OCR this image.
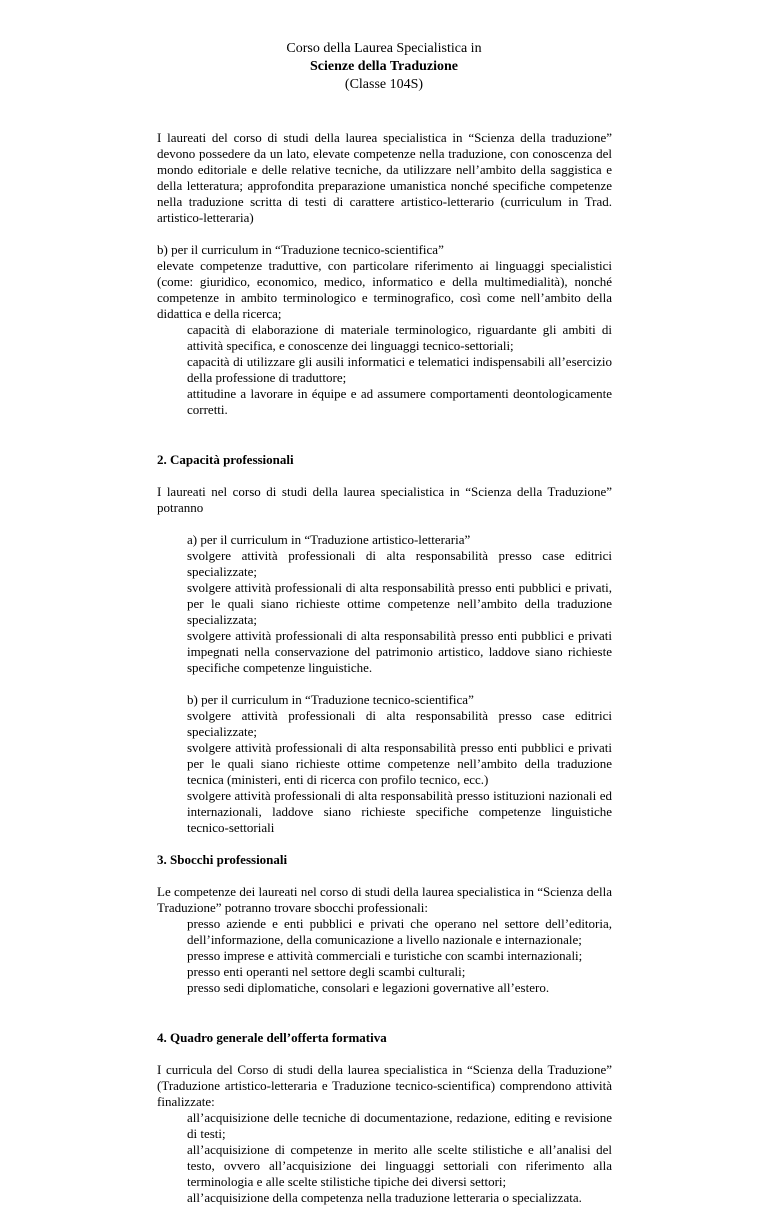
Corso della Laurea Specialistica in
Scienze della Traduzione
(Classe 104S)

I laureati del corso di studi della laurea specialistica in “Scienza della traduzione” devono possedere da un lato, elevate competenze nella traduzione, con conoscenza del mondo editoriale e delle relative tecniche, da utilizzare nell’ambito della saggistica e della letteratura; approfondita preparazione umanistica nonché specifiche competenze nella traduzione scritta di testi di carattere artistico-letterario (curriculum in Trad. artistico-letteraria)

b) per il curriculum in “Traduzione tecnico-scientifica”

elevate competenze traduttive, con particolare riferimento ai linguaggi specialistici (come: giuridico, economico, medico, informatico e della multimedialità), nonché competenze in ambito terminologico e terminografico, così come nell’ambito della didattica e della ricerca;

capacità di elaborazione di materiale terminologico, riguardante gli ambiti di attività specifica, e conoscenze dei linguaggi tecnico-settoriali;

capacità di utilizzare gli ausili informatici e telematici indispensabili all’esercizio della professione di traduttore;

attitudine a lavorare in équipe e ad assumere comportamenti deontologicamente corretti.

2. Capacità professionali

I laureati nel corso di studi della laurea specialistica in “Scienza della Traduzione” potranno

a) per il curriculum in “Traduzione artistico-letteraria”

svolgere attività professionali di alta responsabilità presso case editrici specializzate;

svolgere attività professionali di alta responsabilità presso enti pubblici e privati, per le quali siano richieste ottime competenze nell’ambito della traduzione specializzata;

svolgere attività professionali di alta responsabilità presso enti pubblici e privati impegnati nella conservazione del patrimonio artistico, laddove siano richieste specifiche competenze linguistiche.

b) per il curriculum in “Traduzione tecnico-scientifica”

svolgere attività professionali di alta responsabilità presso case editrici specializzate;

svolgere attività professionali di alta responsabilità presso enti pubblici e privati per le quali siano richieste ottime competenze nell’ambito della traduzione tecnica (ministeri, enti di ricerca con profilo tecnico, ecc.)

svolgere attività professionali di alta responsabilità presso istituzioni nazionali ed internazionali, laddove siano richieste specifiche competenze linguistiche tecnico-settoriali

3. Sbocchi professionali

Le competenze dei laureati nel corso di studi della laurea specialistica in “Scienza della Traduzione” potranno trovare sbocchi professionali:

presso aziende e enti pubblici e privati che operano nel settore dell’editoria, dell’informazione, della comunicazione a livello nazionale e internazionale;

presso imprese e attività commerciali e turistiche con scambi internazionali;

presso enti operanti nel settore degli scambi culturali;

presso sedi diplomatiche, consolari e legazioni governative all’estero.

4. Quadro generale dell’offerta formativa

I curricula del Corso di studi della laurea specialistica in “Scienza della Traduzione” (Traduzione artistico-letteraria e Traduzione tecnico-scientifica) comprendono attività finalizzate:

all’acquisizione delle tecniche di documentazione, redazione, editing e revisione di testi;

all’acquisizione di competenze in merito alle scelte stilistiche e all’analisi del testo, ovvero all’acquisizione dei linguaggi settoriali con riferimento alla terminologia e alle scelte stilistiche tipiche dei diversi settori;

all’acquisizione della competenza nella traduzione letteraria o specializzata.
